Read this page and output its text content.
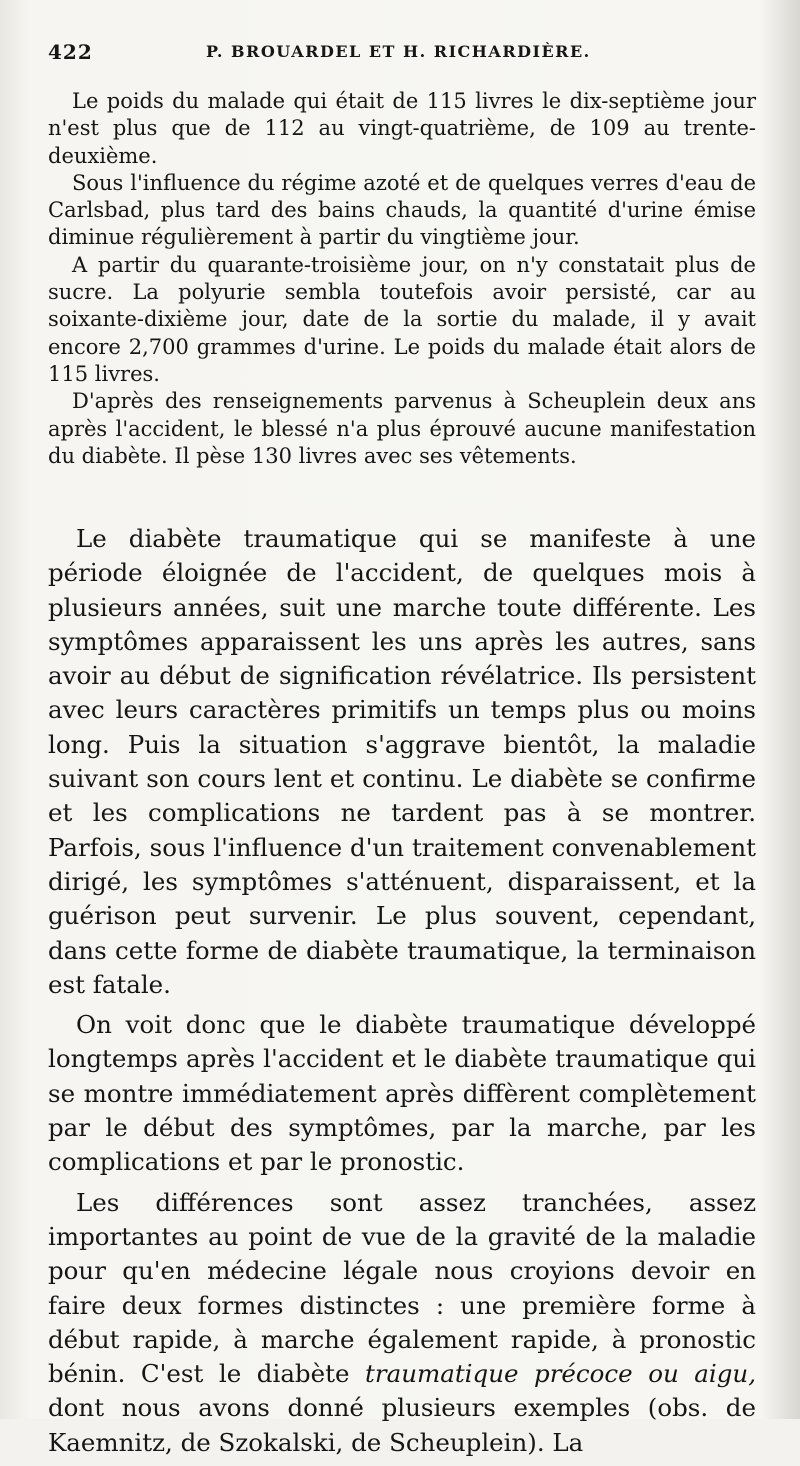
422	P. BROUARDEL ET H. RICHARDIÈRE.

Le poids du malade qui était de 115 livres le dix-septième jour n'est plus que de 112 au vingt-quatrième, de 109 au trente-deuxième.

Sous l'influence du régime azoté et de quelques verres d'eau de Carlsbad, plus tard des bains chauds, la quantité d'urine émise diminue régulièrement à partir du vingtième jour.

A partir du quarante-troisième jour, on n'y constatait plus de sucre. La polyurie sembla toutefois avoir persisté, car au soixante-dixième jour, date de la sortie du malade, il y avait encore 2,700 grammes d'urine. Le poids du malade était alors de 115 livres.

D'après des renseignements parvenus à Scheuplein deux ans après l'accident, le blessé n'a plus éprouvé aucune manifestation du diabète. Il pèse 130 livres avec ses vêtements.

Le diabète traumatique qui se manifeste à une période éloignée de l'accident, de quelques mois à plusieurs années, suit une marche toute différente. Les symptômes apparaissent les uns après les autres, sans avoir au début de signification révélatrice. Ils persistent avec leurs caractères primitifs un temps plus ou moins long. Puis la situation s'aggrave bientôt, la maladie suivant son cours lent et continu. Le diabète se confirme et les complications ne tardent pas à se montrer. Parfois, sous l'influence d'un traitement convenablement dirigé, les symptômes s'atténuent, disparaissent, et la guérison peut survenir. Le plus souvent, cependant, dans cette forme de diabète traumatique, la terminaison est fatale.

On voit donc que le diabète traumatique développé longtemps après l'accident et le diabète traumatique qui se montre immédiatement après diffèrent complètement par le début des symptômes, par la marche, par les complications et par le pronostic.

Les différences sont assez tranchées, assez importantes au point de vue de la gravité de la maladie pour qu'en médecine légale nous croyions devoir en faire deux formes distinctes : une première forme à début rapide, à marche également rapide, à pronostic bénin. C'est le diabète traumatique précoce ou aigu, dont nous avons donné plusieurs exemples (obs. de Kaemnitz, de Szokalski, de Scheuplein). La
